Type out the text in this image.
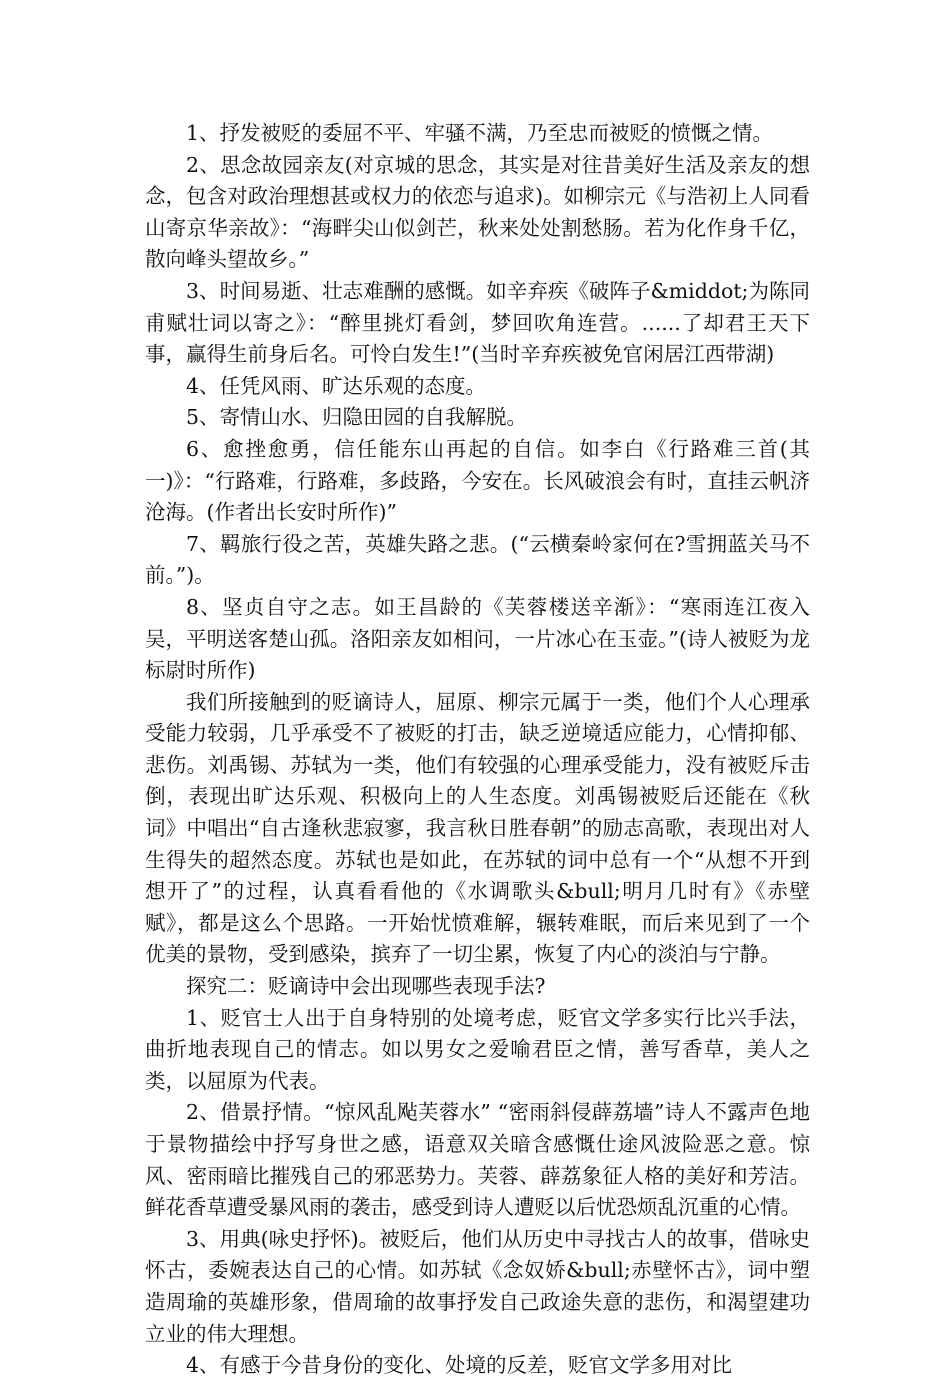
1、抒发被贬的委屈不平、牢骚不满，乃至忠而被贬的愤慨之情。

2、思念故园亲友(对京城的思念，其实是对往昔美好生活及亲友的想念，包含对政治理想甚或权力的依恋与追求)。如柳宗元《与浩初上人同看山寄京华亲故》：“海畔尖山似剑芒，秋来处处割愁肠。若为化作身千亿，散向峰头望故乡。”

3、时间易逝、壮志难酬的感慨。如辛弃疾《破阵子&middot;为陈同甫赋壮词以寄之》：“醉里挑灯看剑，梦回吹角连营。......了却君王天下事，赢得生前身后名。可怜白发生!”(当时辛弃疾被免官闲居江西带湖)

4、任凭风雨、旷达乐观的态度。

5、寄情山水、归隐田园的自我解脱。

6、愈挫愈勇，信任能东山再起的自信。如李白《行路难三首(其一)》：“行路难，行路难，多歧路，今安在。长风破浪会有时，直挂云帆济沧海。(作者出长安时所作)”

7、羁旅行役之苦，英雄失路之悲。(“云横秦岭家何在?雪拥蓝关马不前。”)。

8、坚贞自守之志。如王昌龄的《芙蓉楼送辛渐》：“寒雨连江夜入吴，平明送客楚山孤。洛阳亲友如相问，一片冰心在玉壶。”(诗人被贬为龙标尉时所作)

我们所接触到的贬谪诗人，屈原、柳宗元属于一类，他们个人心理承受能力较弱，几乎承受不了被贬的打击，缺乏逆境适应能力，心情抑郁、悲伤。刘禹锡、苏轼为一类，他们有较强的心理承受能力，没有被贬斥击倒，表现出旷达乐观、积极向上的人生态度。刘禹锡被贬后还能在《秋词》中唱出“自古逢秋悲寂寥，我言秋日胜春朝”的励志高歌，表现出对人生得失的超然态度。苏轼也是如此，在苏轼的词中总有一个“从想不开到想开了”的过程，认真看看他的《水调歌头&bull;明月几时有》《赤壁赋》，都是这么个思路。一开始忧愤难解，辗转难眠，而后来见到了一个优美的景物，受到感染，摈弃了一切尘累，恢复了内心的淡泊与宁静。

探究二：贬谪诗中会出现哪些表现手法?

1、贬官士人出于自身特别的处境考虑，贬官文学多实行比兴手法，曲折地表现自己的情志。如以男女之爱喻君臣之情，善写香草，美人之类，以屈原为代表。

2、借景抒情。“惊风乱飐芙蓉水” “密雨斜侵薜荔墙”诗人不露声色地于景物描绘中抒写身世之感，语意双关暗含感慨仕途风波险恶之意。惊风、密雨暗比摧残自己的邪恶势力。芙蓉、薜荔象征人格的美好和芳洁。鲜花香草遭受暴风雨的袭击，感受到诗人遭贬以后忧恐烦乱沉重的心情。

3、用典(咏史抒怀)。被贬后，他们从历史中寻找古人的故事，借咏史怀古，委婉表达自己的心情。如苏轼《念奴娇&bull;赤壁怀古》，词中塑造周瑜的英雄形象，借周瑜的故事抒发自己政途失意的悲伤，和渴望建功立业的伟大理想。

4、有感于今昔身份的变化、处境的反差，贬官文学多用对比
